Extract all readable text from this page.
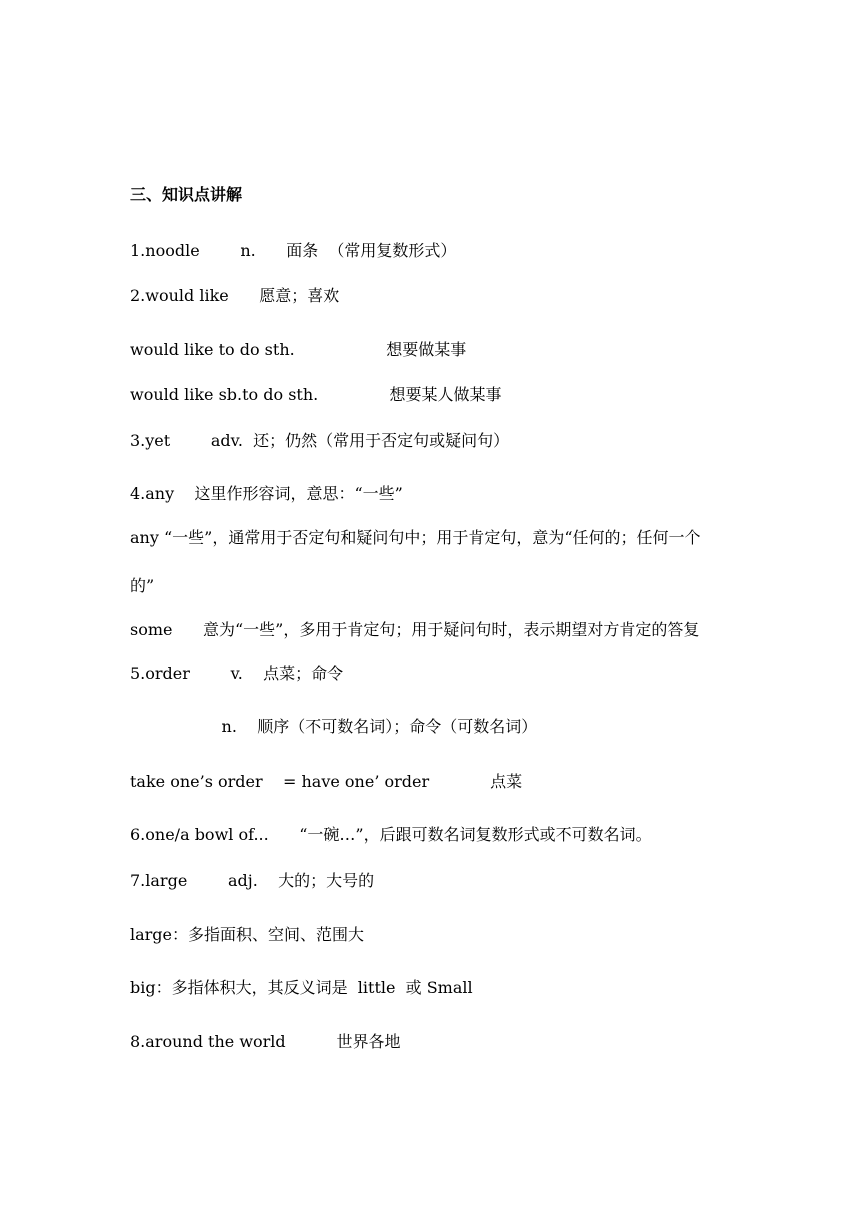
三、知识点讲解
1.noodle        n.      面条  （常用复数形式）
2.would like      愿意；喜欢
would like to do sth.                  想要做某事
would like sb.to do sth.              想要某人做某事
3.yet        adv.  还；仍然（常用于否定句或疑问句）
4.any    这里作形容词，意思：“一些”
any “一些”，通常用于否定句和疑问句中；用于肯定句，意为“任何的；任何一个
的”
some      意为“一些”，多用于肯定句；用于疑问句时，表示期望对方肯定的答复
5.order        v.    点菜；命令
n.    顺序（不可数名词）；命令（可数名词）
take one’s order    = have one’ order            点菜
6.one/a bowl of...      “一碗…”，后跟可数名词复数形式或不可数名词。
7.large        adj.    大的；大号的
large：多指面积、空间、范围大
big：多指体积大，其反义词是  little  或 Small
8.around the world          世界各地
